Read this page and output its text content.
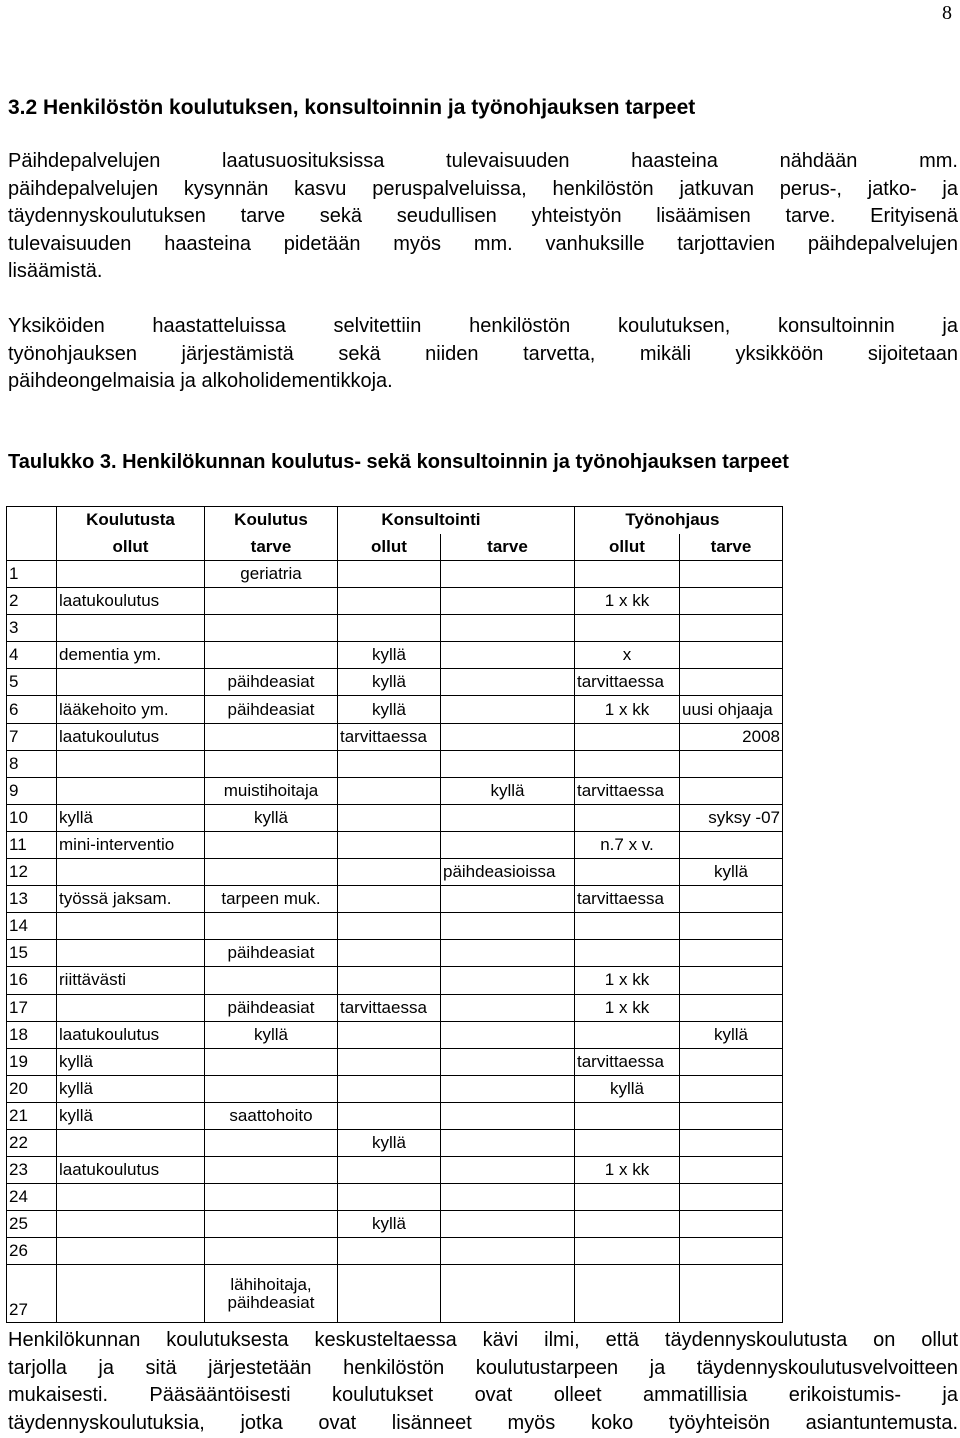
8
3.2 Henkilöstön koulutuksen, konsultoinnin ja työnohjauksen tarpeet
Päihdepalvelujen laatusuosituksissa tulevaisuuden haasteina nähdään mm.
päihdepalvelujen kysynnän kasvu peruspalveluissa, henkilöstön jatkuvan perus-, jatko- ja
täydennyskoulutuksen tarve sekä seudullisen yhteistyön lisäämisen tarve. Erityisenä
tulevaisuuden haasteina pidetään myös mm. vanhuksille tarjottavien päihdepalvelujen
lisäämistä.
Yksiköiden haastatteluissa selvitettiin henkilöstön koulutuksen, konsultoinnin ja
työnohjauksen järjestämistä sekä niiden tarvetta, mikäli yksikköön sijoitetaan
päihdeongelmaisia ja alkoholidementikkoja.
Taulukko 3. Henkilökunnan koulutus- sekä konsultoinnin ja työnohjauksen tarpeet
	Koulutusta	Koulutus	Konsultointi		Työnohjaus	
	ollut	tarve	ollut	tarve	ollut	tarve
1		geriatria				
2	laatukoulutus				1 x kk	
3						
4	dementia ym.		kyllä		x	
5		päihdeasiat	kyllä		tarvittaessa	
6	lääkehoito ym.	päihdeasiat	kyllä		1 x kk	uusi ohjaaja
7	laatukoulutus		tarvittaessa			2008
8						
9		muistihoitaja		kyllä	tarvittaessa	
10	kyllä	kyllä				syksy -07
11	mini-interventio				n.7 x v.	
12				päihdeasioissa		kyllä
13	työssä jaksam.	tarpeen muk.			tarvittaessa	
14						
15		päihdeasiat				
16	riittävästi				1 x kk	
17		päihdeasiat	tarvittaessa		1 x kk	
18	laatukoulutus	kyllä				kyllä
19	kyllä				tarvittaessa	
20	kyllä				kyllä	
21	kyllä	saattohoito				
22			kyllä			
23	laatukoulutus				1 x kk	
24						
25			kyllä			
26						
27		lähihoitaja,
päihdeasiat				

Henkilökunnan koulutuksesta keskusteltaessa kävi ilmi, että täydennyskoulutusta on ollut
tarjolla ja sitä järjestetään henkilöstön koulutustarpeen ja täydennyskoulutusvelvoitteen
mukaisesti. Pääsääntöisesti koulutukset ovat olleet ammatillisia erikoistumis- ja
täydennyskoulutuksia, jotka ovat lisänneet myös koko työyhteisön asiantuntemusta.
